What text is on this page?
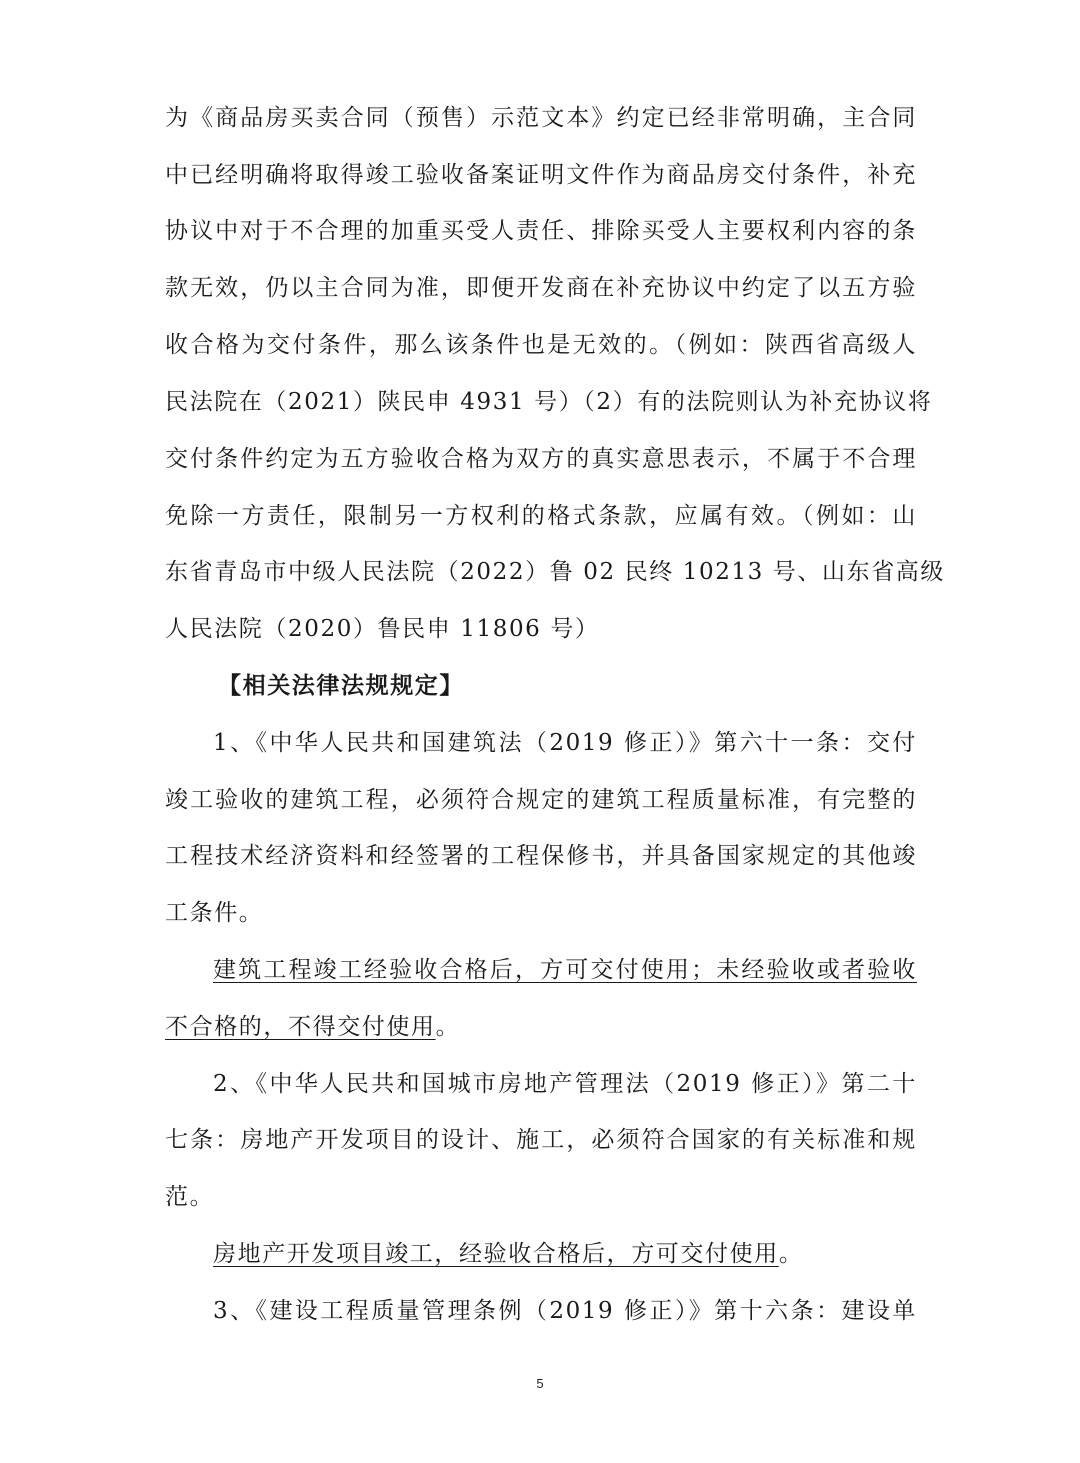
为《商品房买卖合同（预售）示范文本》约定已经非常明确，主合同
中已经明确将取得竣工验收备案证明文件作为商品房交付条件，补充
协议中对于不合理的加重买受人责任、排除买受人主要权利内容的条
款无效，仍以主合同为准，即便开发商在补充协议中约定了以五方验
收合格为交付条件，那么该条件也是无效的。（例如：陕西省高级人
民法院在（2021）陕民申 4931 号）（2）有的法院则认为补充协议将
交付条件约定为五方验收合格为双方的真实意思表示，不属于不合理
免除一方责任，限制另一方权利的格式条款，应属有效。（例如：山
东省青岛市中级人民法院（2022）鲁 02 民终 10213 号、山东省高级
人民法院（2020）鲁民申 11806 号）
【相关法律法规规定】
1、《中华人民共和国建筑法（2019 修正）》第六十一条：交付
竣工验收的建筑工程，必须符合规定的建筑工程质量标准，有完整的
工程技术经济资料和经签署的工程保修书，并具备国家规定的其他竣
工条件。
建筑工程竣工经验收合格后，方可交付使用；未经验收或者验收
不合格的，不得交付使用。
2、《中华人民共和国城市房地产管理法（2019 修正）》第二十
七条：房地产开发项目的设计、施工，必须符合国家的有关标准和规
范。
房地产开发项目竣工，经验收合格后，方可交付使用。
3、《建设工程质量管理条例（2019 修正）》第十六条：建设单
5
